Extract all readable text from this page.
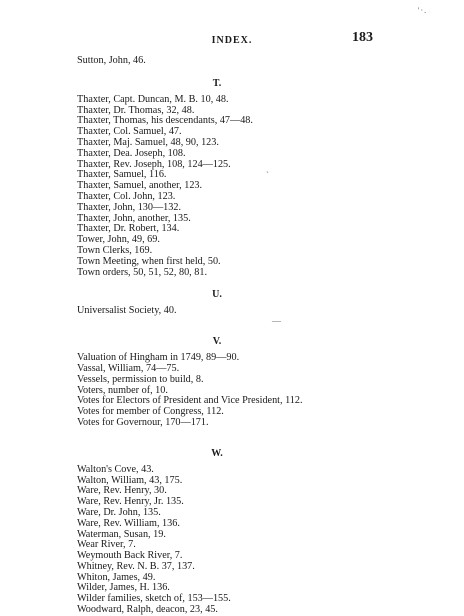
'·.
INDEX.	183
`
—
Sutton, John, 46.
T.
Thaxter, Capt. Duncan, M. B. 10, 48.
Thaxter, Dr. Thomas, 32, 48.
Thaxter, Thomas, his descendants, 47—48.
Thaxter, Col. Samuel, 47.
Thaxter, Maj. Samuel, 48, 90, 123.
Thaxter, Dea. Joseph, 108.
Thaxter, Rev. Joseph, 108, 124—125.
Thaxter, Samuel, 116.
Thaxter, Samuel, another, 123.
Thaxter, Col. John, 123.
Thaxter, John, 130—132.
Thaxter, John, another, 135.
Thaxter, Dr. Robert, 134.
Tower, John, 49, 69.
Town Clerks, 169.
Town Meeting, when first held, 50.
Town orders, 50, 51, 52, 80, 81.
U.
Universalist Society, 40.
V.
Valuation of Hingham in 1749, 89—90.
Vassal, William, 74—75.
Vessels, permission to build, 8.
Voters, number of, 10.
Votes for Electors of President and Vice President, 112.
Votes for member of Congress, 112.
Votes for Governour, 170—171.
W.
Walton's Cove, 43.
Walton, William, 43, 175.
Ware, Rev. Henry, 30.
Ware, Rev. Henry, Jr. 135.
Ware, Dr. John, 135.
Ware, Rev. William, 136.
Waterman, Susan, 19.
Wear River, 7.
Weymouth Back River, 7.
Whitney, Rev. N. B. 37, 137.
Whiton, James, 49.
Wilder, James, H. 136.
Wilder families, sketch of, 153—155.
Woodward, Ralph, deacon, 23, 45.
